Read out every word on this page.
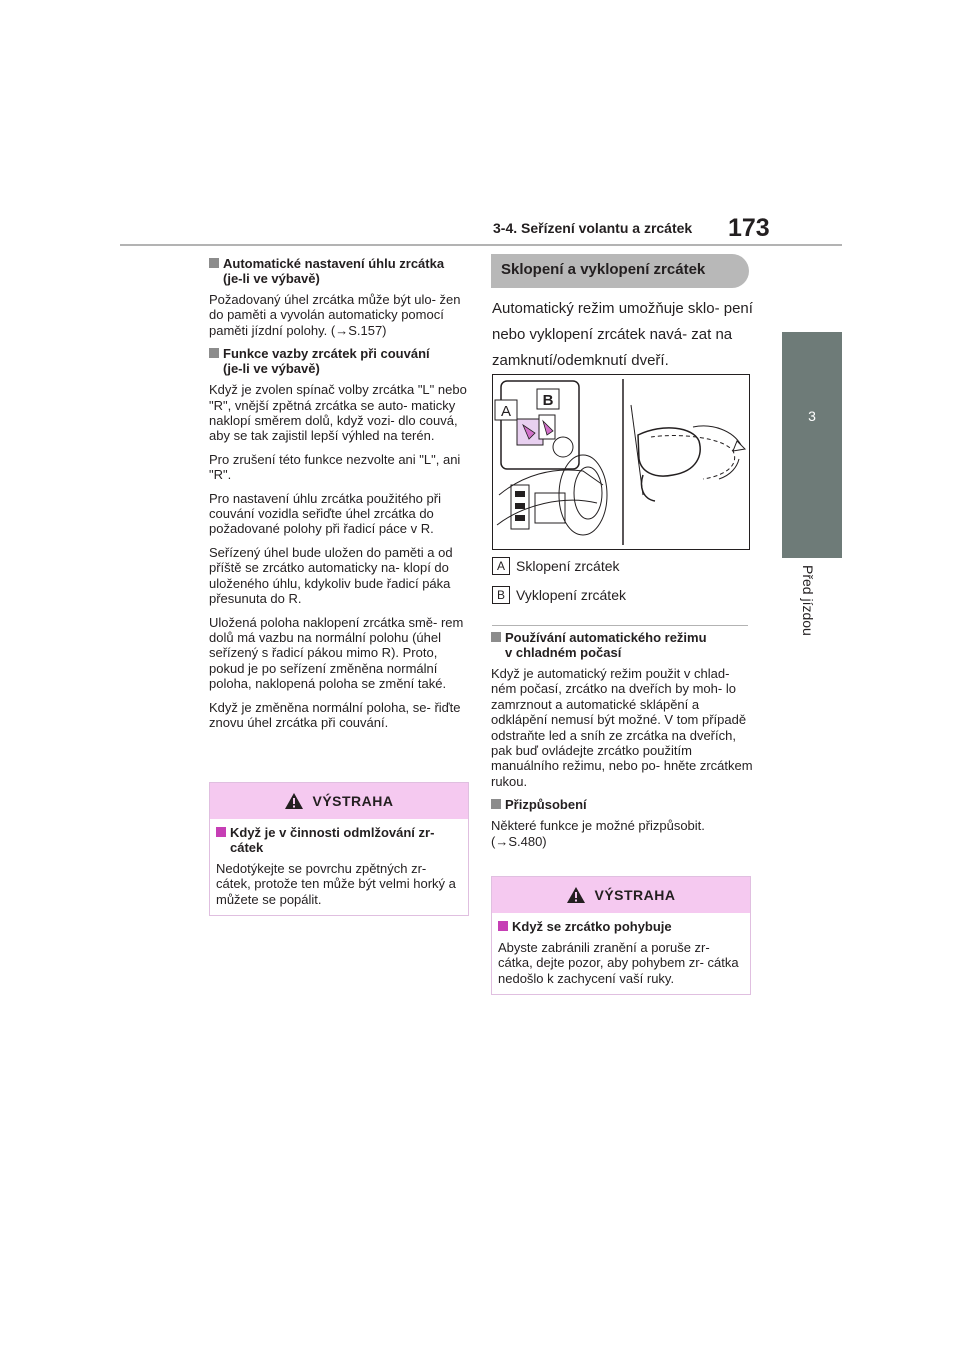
3-4. Seřízení volantu a zrcátek 173
3
Před jízdou
Automatické nastavení úhlu zrcátka
(je-li ve výbavě)

Požadovaný úhel zrcátka může být ulo- žen do paměti a vyvolán automaticky pomocí paměti jízdní polohy. (→S.157)

Funkce vazby zrcátek při couvání
(je-li ve výbavě)

Když je zvolen spínač volby zrcátka "L" nebo "R", vnější zpětná zrcátka se auto- maticky naklopí směrem dolů, když vozi- dlo couvá, aby se tak zajistil lepší výhled na terén.

Pro zrušení této funkce nezvolte ani "L", ani "R".

Pro nastavení úhlu zrcátka použitého při couvání vozidla seřiďte úhel zrcátka do požadované polohy při řadicí páce v R.

Seřízený úhel bude uložen do paměti a od příště se zrcátko automaticky na- klopí do uloženého úhlu, kdykoliv bude řadicí páka přesunuta do R.

Uložená poloha naklopení zrcátka smě- rem dolů má vazbu na normální polohu (úhel seřízený s řadicí pákou mimo R). Proto, pokud je po seřízení změněna normální poloha, naklopená poloha se změní také.

Když je změněna normální poloha, se- řiďte znovu úhel zrcátka při couvání.

VÝSTRAHA
Když je v činnosti odmlžování zr-
cátek

Nedotýkejte se povrchu zpětných zr- cátek, protože ten může být velmi horký a můžete se popálit.

Sklopení a vyklopení zrcátek
Automatický režim umožňuje sklo- pení nebo vyklopení zrcátek navá- zat na zamknutí/odemknutí dveří.
A
B
A Sklopení zrcátek
B Vyklopení zrcátek
Používání automatického režimu
v chladném počasí

Když je automatický režim použit v chlad- ném počasí, zrcátko na dveřích by moh- lo zamrznout a automatické sklápění a odklápění nemusí být možné. V tom případě odstraňte led a sníh ze zrcátka na dveřích, pak buď ovládejte zrcátko použitím manuálního režimu, nebo po- hněte zrcátkem rukou.

Přizpůsobení

Některé funkce je možné přizpůsobit. (→S.480)

VÝSTRAHA
Když se zrcátko pohybuje

Abyste zabránili zranění a poruše zr- cátka, dejte pozor, aby pohybem zr- cátka nedošlo k zachycení vaší ruky.
